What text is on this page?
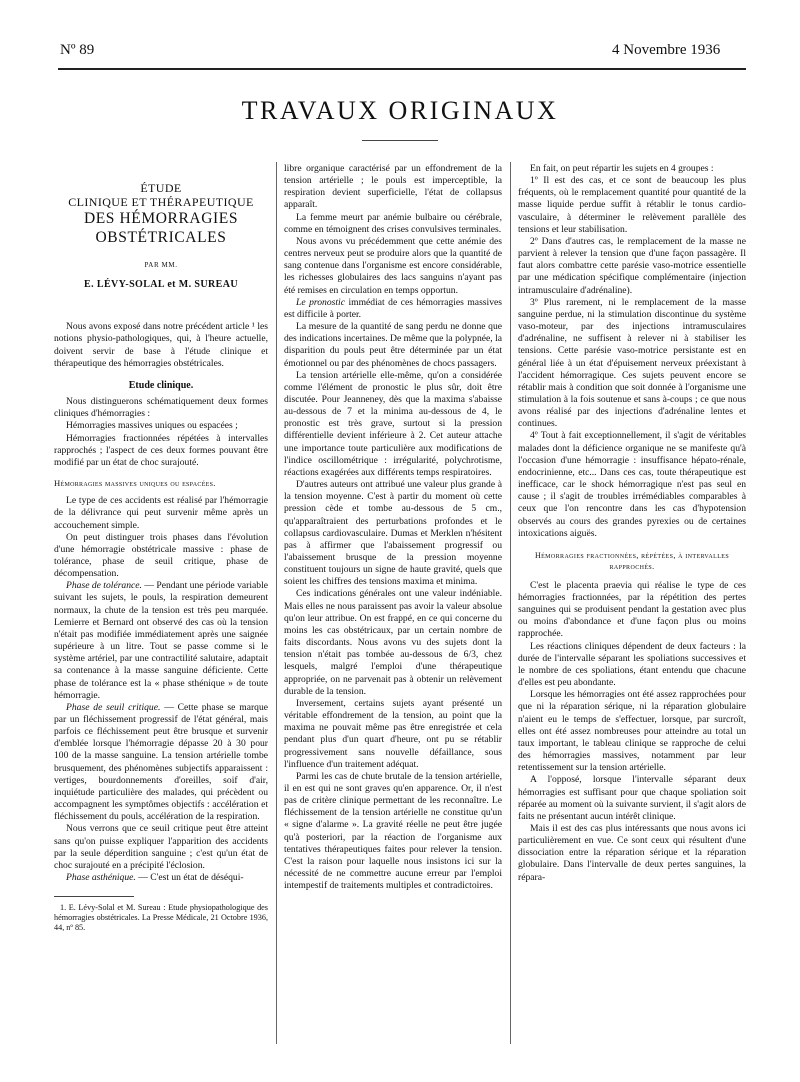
Nº 89	4 Novembre 1936
TRAVAUX ORIGINAUX
ÉTUDE
CLINIQUE ET THÉRAPEUTIQUE
DES HÉMORRAGIES
OBSTÉTRICALES
PAR MM.
E. LÉVY-SOLAL et M. SUREAU

Nous avons exposé dans notre précédent article ¹ les notions physio-pathologiques, qui, à l'heure actuelle, doivent servir de base à l'étude clinique et thérapeutique des hémorragies obstétricales.

Etude clinique.

Nous distinguerons schématiquement deux formes cliniques d'hémorragies :

Hémorragies massives uniques ou espacées ;

Hémorragies fractionnées répétées à intervalles rapprochés ; l'aspect de ces deux formes pouvant être modifié par un état de choc surajouté.

Hémorragies massives uniques ou espacées.

Le type de ces accidents est réalisé par l'hémorragie de la délivrance qui peut survenir même après un accouchement simple.

On peut distinguer trois phases dans l'évolution d'une hémorragie obstétricale massive : phase de tolérance, phase de seuil critique, phase de décompensation.

Phase de tolérance. — Pendant une période variable suivant les sujets, le pouls, la respiration demeurent normaux, la chute de la tension est très peu marquée. Lemierre et Bernard ont observé des cas où la tension n'était pas modifiée immédiatement après une saignée supérieure à un litre. Tout se passe comme si le système artériel, par une contractilité salutaire, adaptait sa contenance à la masse sanguine déficiente. Cette phase de tolérance est la « phase sthénique » de toute hémorragie.

Phase de seuil critique. — Cette phase se marque par un fléchissement progressif de l'état général, mais parfois ce fléchissement peut être brusque et survenir d'emblée lorsque l'hémorragie dépasse 20 à 30 pour 100 de la masse sanguine. La tension artérielle tombe brusquement, des phénomènes subjectifs apparaissent : vertiges, bourdonnements d'oreilles, soif d'air, inquiétude particulière des malades, qui précèdent ou accompagnent les symptômes objectifs : accélération et fléchissement du pouls, accélération de la respiration.

Nous verrons que ce seuil critique peut être atteint sans qu'on puisse expliquer l'apparition des accidents par la seule déperdition sanguine ; c'est qu'un état de choc surajouté en a précipité l'éclosion.

Phase asthénique. — C'est un état de déséqui-

1. E. Lévy-Solal et M. Sureau : Etude physiopathologique des hémorragies obstétricales. La Presse Médicale, 21 Octobre 1936, 44, nº 85.

libre organique caractérisé par un effondrement de la tension artérielle ; le pouls est imperceptible, la respiration devient superficielle, l'état de collapsus apparaît.

La femme meurt par anémie bulbaire ou cérébrale, comme en témoignent des crises convulsives terminales.

Nous avons vu précédemment que cette anémie des centres nerveux peut se produire alors que la quantité de sang contenue dans l'organisme est encore considérable, les richesses globulaires des lacs sanguins n'ayant pas été remises en circulation en temps opportun.

Le pronostic immédiat de ces hémorragies massives est difficile à porter.

La mesure de la quantité de sang perdu ne donne que des indications incertaines. De même que la polypnée, la disparition du pouls peut être déterminée par un état émotionnel ou par des phénomènes de chocs passagers.

La tension artérielle elle-même, qu'on a considérée comme l'élément de pronostic le plus sûr, doit être discutée. Pour Jeanneney, dès que la maxima s'abaisse au-dessous de 7 et la minima au-dessous de 4, le pronostic est très grave, surtout si la pression différentielle devient inférieure à 2. Cet auteur attache une importance toute particulière aux modifications de l'indice oscillométrique : irrégularité, polychrotisme, réactions exagérées aux différents temps respiratoires.

D'autres auteurs ont attribué une valeur plus grande à la tension moyenne. C'est à partir du moment où cette pression cède et tombe au-dessous de 5 cm., qu'apparaîtraient des perturbations profondes et le collapsus cardiovasculaire. Dumas et Merklen n'hésitent pas à affirmer que l'abaissement progressif ou l'abaissement brusque de la pression moyenne constituent toujours un signe de haute gravité, quels que soient les chiffres des tensions maxima et minima.

Ces indications générales ont une valeur indéniable. Mais elles ne nous paraissent pas avoir la valeur absolue qu'on leur attribue. On est frappé, en ce qui concerne du moins les cas obstétricaux, par un certain nombre de faits discordants. Nous avons vu des sujets dont la tension n'était pas tombée au-dessous de 6/3, chez lesquels, malgré l'emploi d'une thérapeutique appropriée, on ne parvenait pas à obtenir un relèvement durable de la tension.

Inversement, certains sujets ayant présenté un véritable effondrement de la tension, au point que la maxima ne pouvait même pas être enregistrée et cela pendant plus d'un quart d'heure, ont pu se rétablir progressivement sans nouvelle défaillance, sous l'influence d'un traitement adéquat.

Parmi les cas de chute brutale de la tension artérielle, il en est qui ne sont graves qu'en apparence. Or, il n'est pas de critère clinique permettant de les reconnaître. Le fléchissement de la tension artérielle ne constitue qu'un « signe d'alarme ». La gravité réelle ne peut être jugée qu'à posteriori, par la réaction de l'organisme aux tentatives thérapeutiques faites pour relever la tension. C'est la raison pour laquelle nous insistons ici sur la nécessité de ne commettre aucune erreur par l'emploi intempestif de traitements multiples et contradictoires.

En fait, on peut répartir les sujets en 4 groupes :

1º Il est des cas, et ce sont de beaucoup les plus fréquents, où le remplacement quantité pour quantité de la masse liquide perdue suffit à rétablir le tonus cardio-vasculaire, à déterminer le relèvement parallèle des tensions et leur stabilisation.

2º Dans d'autres cas, le remplacement de la masse ne parvient à relever la tension que d'une façon passagère. Il faut alors combattre cette parésie vaso-motrice essentielle par une médication spécifique complémentaire (injection intramusculaire d'adrénaline).

3º Plus rarement, ni le remplacement de la masse sanguine perdue, ni la stimulation discontinue du système vaso-moteur, par des injections intramusculaires d'adrénaline, ne suffisent à relever ni à stabiliser les tensions. Cette parésie vaso-motrice persistante est en général liée à un état d'épuisement nerveux préexistant à l'accident hémorragique. Ces sujets peuvent encore se rétablir mais à condition que soit donnée à l'organisme une stimulation à la fois soutenue et sans à-coups ; ce que nous avons réalisé par des injections d'adrénaline lentes et continues.

4º Tout à fait exceptionnellement, il s'agit de véritables malades dont la déficience organique ne se manifeste qu'à l'occasion d'une hémorragie : insuffisance hépato-rénale, endocrinienne, etc... Dans ces cas, toute thérapeutique est inefficace, car le shock hémorragique n'est pas seul en cause ; il s'agit de troubles irrémédiables comparables à ceux que l'on rencontre dans les cas d'hypotension observés au cours des grandes pyrexies ou de certaines intoxications aiguës.

Hémorragies fractionnées, répétées, à intervalles rapprochés.

C'est le placenta praevia qui réalise le type de ces hémorragies fractionnées, par la répétition des pertes sanguines qui se produisent pendant la gestation avec plus ou moins d'abondance et d'une façon plus ou moins rapprochée.

Les réactions cliniques dépendent de deux facteurs : la durée de l'intervalle séparant les spoliations successives et le nombre de ces spoliations, étant entendu que chacune d'elles est peu abondante.

Lorsque les hémorragies ont été assez rapprochées pour que ni la réparation sérique, ni la réparation globulaire n'aient eu le temps de s'effectuer, lorsque, par surcroît, elles ont été assez nombreuses pour atteindre au total un taux important, le tableau clinique se rapproche de celui des hémorragies massives, notamment par leur retentissement sur la tension artérielle.

A l'opposé, lorsque l'intervalle séparant deux hémorragies est suffisant pour que chaque spoliation soit réparée au moment où la suivante survient, il s'agit alors de faits ne présentant aucun intérêt clinique.

Mais il est des cas plus intéressants que nous avons ici particulièrement en vue. Ce sont ceux qui résultent d'une dissociation entre la réparation sérique et la réparation globulaire. Dans l'intervalle de deux pertes sanguines, la répara-
